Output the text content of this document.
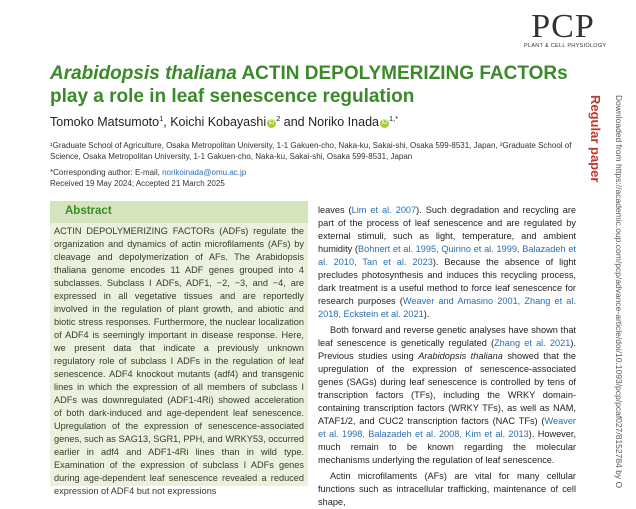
PCP
PLANT & CELL PHYSIOLOGY
Arabidopsis thaliana ACTIN DEPOLYMERIZING FACTORs play a role in leaf senescence regulation
Tomoko Matsumoto$^1$, Koichi Kobayashi $iD^2$ and Noriko Inada $iD^{1,*}$

¹Graduate School of Agriculture, Osaka Metropolitan University, 1-1 Gakuen-cho, Naka-ku, Sakai-shi, Osaka 599-8531, Japan, ²Graduate School of Science, Osaka Metropolitan University, 1-1 Gakuen-cho, Naka-ku, Sakai-shi, Osaka 599-8531, Japan

*Corresponding author: E-mail, norikoinada@omu.ac.jp

Received 19 May 2024; Accepted 21 March 2025

Abstract

ACTIN DEPOLYMERIZING FACTORs (ADFs) regulate the organization and dynamics of actin microfilaments (AFs) by cleavage and depolymerization of AFs. The Arabidopsis thaliana genome encodes 11 ADF genes grouped into 4 subclasses. Subclass I ADFs, ADF1, −2, −3, and −4, are expressed in all vegetative tissues and are reportedly involved in the regulation of plant growth, and abiotic and biotic stress responses. Furthermore, the nuclear localization of ADF4 is seemingly important in disease response. Here, we present data that indicate a previously unknown regulatory role of subclass I ADFs in the regulation of leaf senescence. ADF4 knockout mutants (adf4) and transgenic lines in which the expression of all members of subclass I ADFs was downregulated (ADF1-4Ri) showed acceleration of both dark-induced and age-dependent leaf senescence. Upregulation of the expression of senescence-associated genes, such as SAG13, SGR1, PPH, and WRKY53, occurred earlier in adf4 and ADF1-4Ri lines than in wild type. Examination of the expression of subclass I ADFs genes during age-dependent leaf senescence revealed a reduced expression of ADF4 but not expressions

leaves (Lim et al. 2007). Such degradation and recycling are part of the process of leaf senescence and are regulated by external stimuli, such as light, temperature, and ambient humidity (Bohnert et al. 1995, Quirino et al. 1999, Balazadeh et al. 2010, Tan et al. 2023). Because the absence of light precludes photosynthesis and induces this recycling process, dark treatment is a useful method to force leaf senescence for research purposes (Weaver and Amasino 2001, Zhang et al. 2018, Eckstein et al. 2021).

Both forward and reverse genetic analyses have shown that leaf senescence is genetically regulated (Zhang et al. 2021). Previous studies using Arabidopsis thaliana showed that the upregulation of the expression of senescence-associated genes (SAGs) during leaf senescence is controlled by tens of transcription factors (TFs), including the WRKY domain-containing transcription factors (WRKY TFs), as well as NAM, ATAF1/2, and CUC2 transcription factors (NAC TFs) (Weaver et al. 1998, Balazadeh et al. 2008, Kim et al. 2013). However, much remain to be known regarding the molecular mechanisms underlying the regulation of leaf senescence.

Actin microfilaments (AFs) are vital for many cellular functions such as intracellular trafficking, maintenance of cell shape,

Regular paper Downloaded from https://academic.oup.com/pcp/advance-article/doi/10.1093/pcp/pcaf027/8152784 by O
